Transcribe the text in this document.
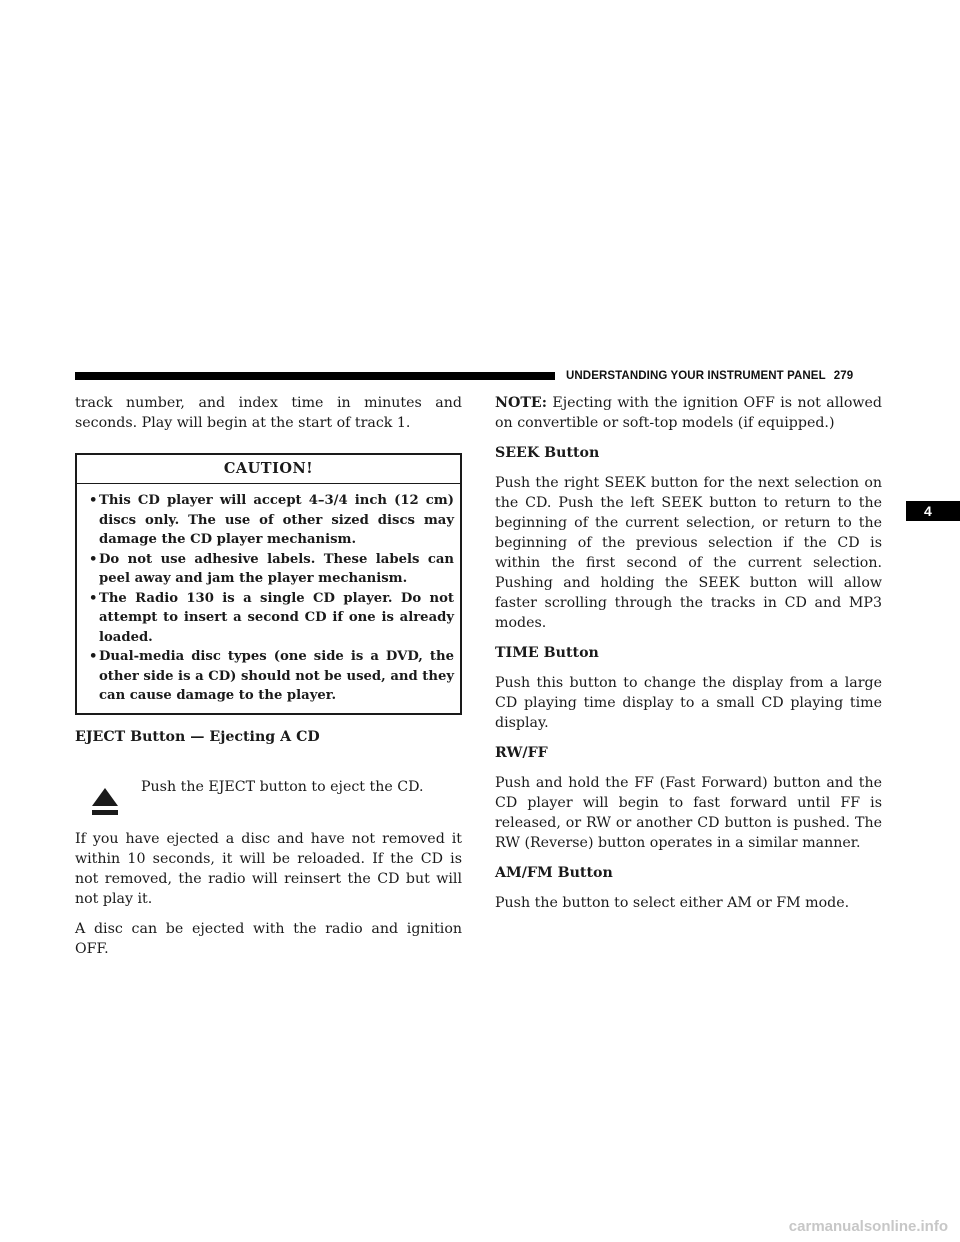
UNDERSTANDING YOUR INSTRUMENT PANEL 279
4

track number, and index time in minutes and seconds. Play will begin at the start of track 1.

CAUTION!
• This CD player will accept 4–3/4 inch (12 cm) discs only. The use of other sized discs may damage the CD player mechanism.
• Do not use adhesive labels. These labels can peel away and jam the player mechanism.
• The Radio 130 is a single CD player. Do not attempt to insert a second CD if one is already loaded.
• Dual-media disc types (one side is a DVD, the other side is a CD) should not be used, and they can cause damage to the player.
EJECT Button — Ejecting A CD
Push the EJECT button to eject the CD.

If you have ejected a disc and have not removed it within 10 seconds, it will be reloaded. If the CD is not removed, the radio will reinsert the CD but will not play it.

A disc can be ejected with the radio and ignition OFF.

NOTE: Ejecting with the ignition OFF is not allowed on convertible or soft-top models (if equipped.)

SEEK Button

Push the right SEEK button for the next selection on the CD. Push the left SEEK button to return to the beginning of the current selection, or return to the beginning of the previous selection if the CD is within the first second of the current selection. Pushing and holding the SEEK button will allow faster scrolling through the tracks in CD and MP3 modes.

TIME Button

Push this button to change the display from a large CD playing time display to a small CD playing time display.

RW/FF

Push and hold the FF (Fast Forward) button and the CD player will begin to fast forward until FF is released, or RW or another CD button is pushed. The RW (Reverse) button operates in a similar manner.

AM/FM Button

Push the button to select either AM or FM mode.

carmanualsonline.info
